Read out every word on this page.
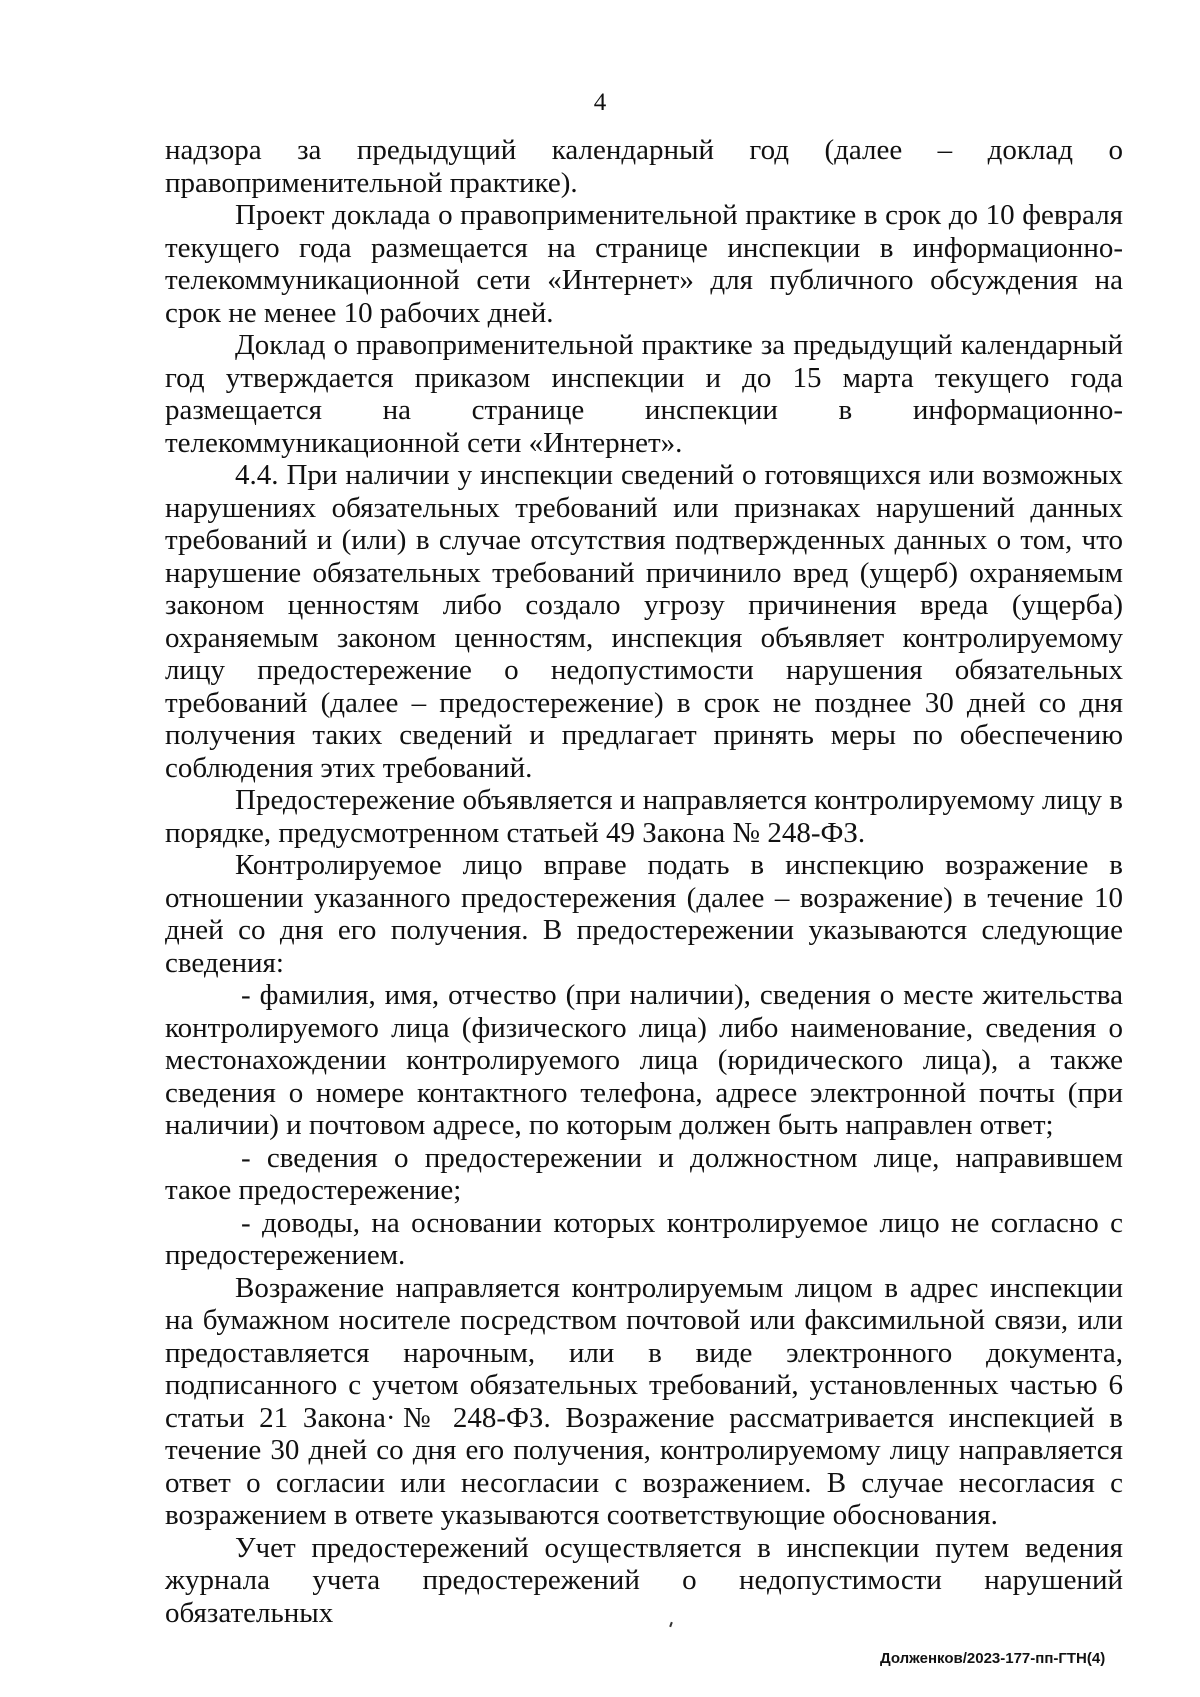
4

надзора за предыдущий календарный год (далее – доклад о правоприменительной практике).

Проект доклада о правоприменительной практике в срок до 10 февраля текущего года размещается на странице инспекции в информационно-телекоммуникационной сети «Интернет» для публичного обсуждения на срок не менее 10 рабочих дней.

Доклад о правоприменительной практике за предыдущий календарный год утверждается приказом инспекции и до 15 марта текущего года размещается на странице инспекции в информационно-телекоммуникационной сети «Интернет».

4.4. При наличии у инспекции сведений о готовящихся или возможных нарушениях обязательных требований или признаках нарушений данных требований и (или) в случае отсутствия подтвержденных данных о том, что нарушение обязательных требований причинило вред (ущерб) охраняемым законом ценностям либо создало угрозу причинения вреда (ущерба) охраняемым законом ценностям, инспекция объявляет контролируемому лицу предостережение о недопустимости нарушения обязательных требований (далее – предостережение) в срок не позднее 30 дней со дня получения таких сведений и предлагает принять меры по обеспечению соблюдения этих требований.

Предостережение объявляется и направляется контролируемому лицу в порядке, предусмотренном статьей 49 Закона № 248-ФЗ.

Контролируемое лицо вправе подать в инспекцию возражение в отношении указанного предостережения (далее – возражение) в течение 10 дней со дня его получения. В предостережении указываются следующие сведения:

- фамилия, имя, отчество (при наличии), сведения о месте жительства контролируемого лица (физического лица) либо наименование, сведения о местонахождении контролируемого лица (юридического лица), а также сведения о номере контактного телефона, адресе электронной почты (при наличии) и почтовом адресе, по которым должен быть направлен ответ;

- сведения о предостережении и должностном лице, направившем такое предостережение;

- доводы, на основании которых контролируемое лицо не согласно с предостережением.

Возражение направляется контролируемым лицом в адрес инспекции на бумажном носителе посредством почтовой или факсимильной связи, или предоставляется нарочным, или в виде электронного документа, подписанного с учетом обязательных требований, установленных частью 6 статьи 21 Закона·№ 248-ФЗ. Возражение рассматривается инспекцией в течение 30 дней со дня его получения, контролируемому лицу направляется ответ о согласии или несогласии с возражением. В случае несогласия с возражением в ответе указываются соответствующие обоснования.

Учет предостережений осуществляется в инспекции путем ведения журнала учета предостережений о недопустимости нарушений обязательных

Долженков/2023-177-пп-ГТН(4)
